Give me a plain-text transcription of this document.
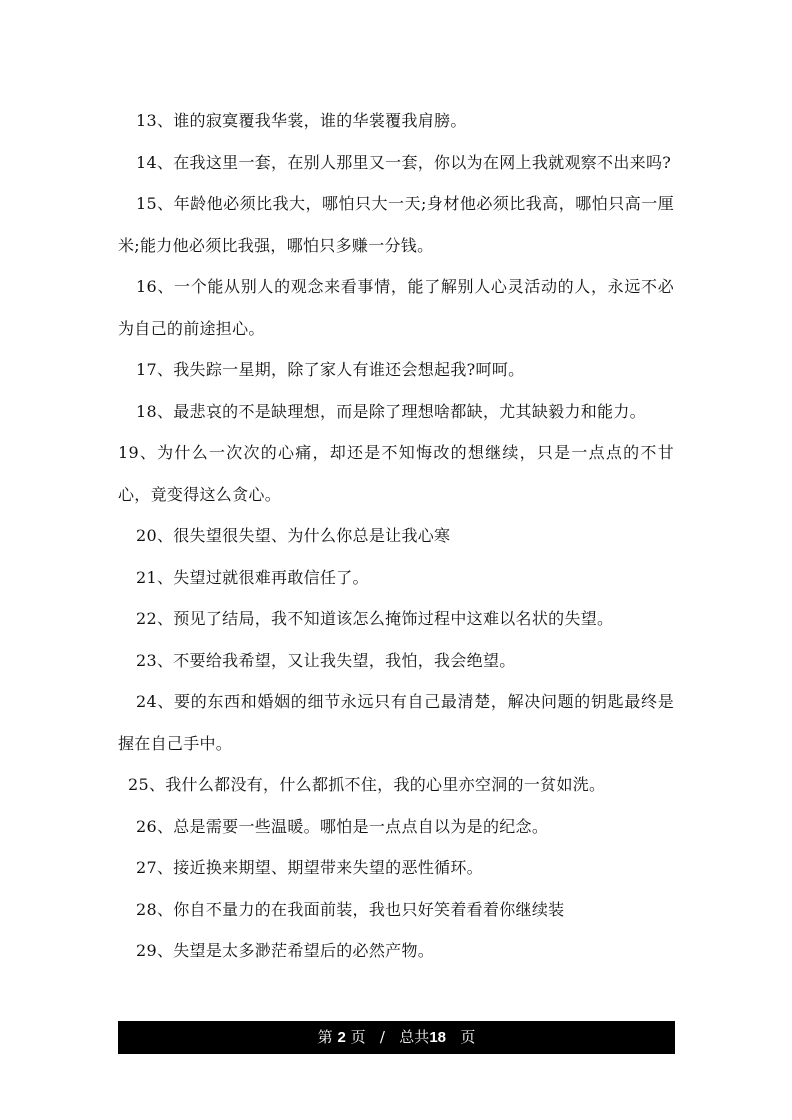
13、谁的寂寞覆我华裳，谁的华裳覆我肩膀。

14、在我这里一套，在别人那里又一套，你以为在网上我就观察不出来吗?

15、年龄他必须比我大，哪怕只大一天;身材他必须比我高，哪怕只高一厘米;能力他必须比我强，哪怕只多赚一分钱。

16、一个能从别人的观念来看事情，能了解别人心灵活动的人，永远不必为自己的前途担心。

17、我失踪一星期，除了家人有谁还会想起我?呵呵。

18、最悲哀的不是缺理想，而是除了理想啥都缺，尤其缺毅力和能力。

19、为什么一次次的心痛，却还是不知悔改的想继续，只是一点点的不甘心，竟变得这么贪心。

20、很失望很失望、为什么你总是让我心寒

21、失望过就很难再敢信任了。

22、预见了结局，我不知道该怎么掩饰过程中这难以名状的失望。

23、不要给我希望，又让我失望，我怕，我会绝望。

24、要的东西和婚姻的细节永远只有自己最清楚，解决问题的钥匙最终是握在自己手中。

25、我什么都没有，什么都抓不住，我的心里亦空洞的一贫如洗。

26、总是需要一些温暖。哪怕是一点点自以为是的纪念。

27、接近换来期望、期望带来失望的恶性循环。

28、你自不量力的在我面前装，我也只好笑着看着你继续装

29、失望是太多渺茫希望后的必然产物。

第 2 页 / 总共18 页
